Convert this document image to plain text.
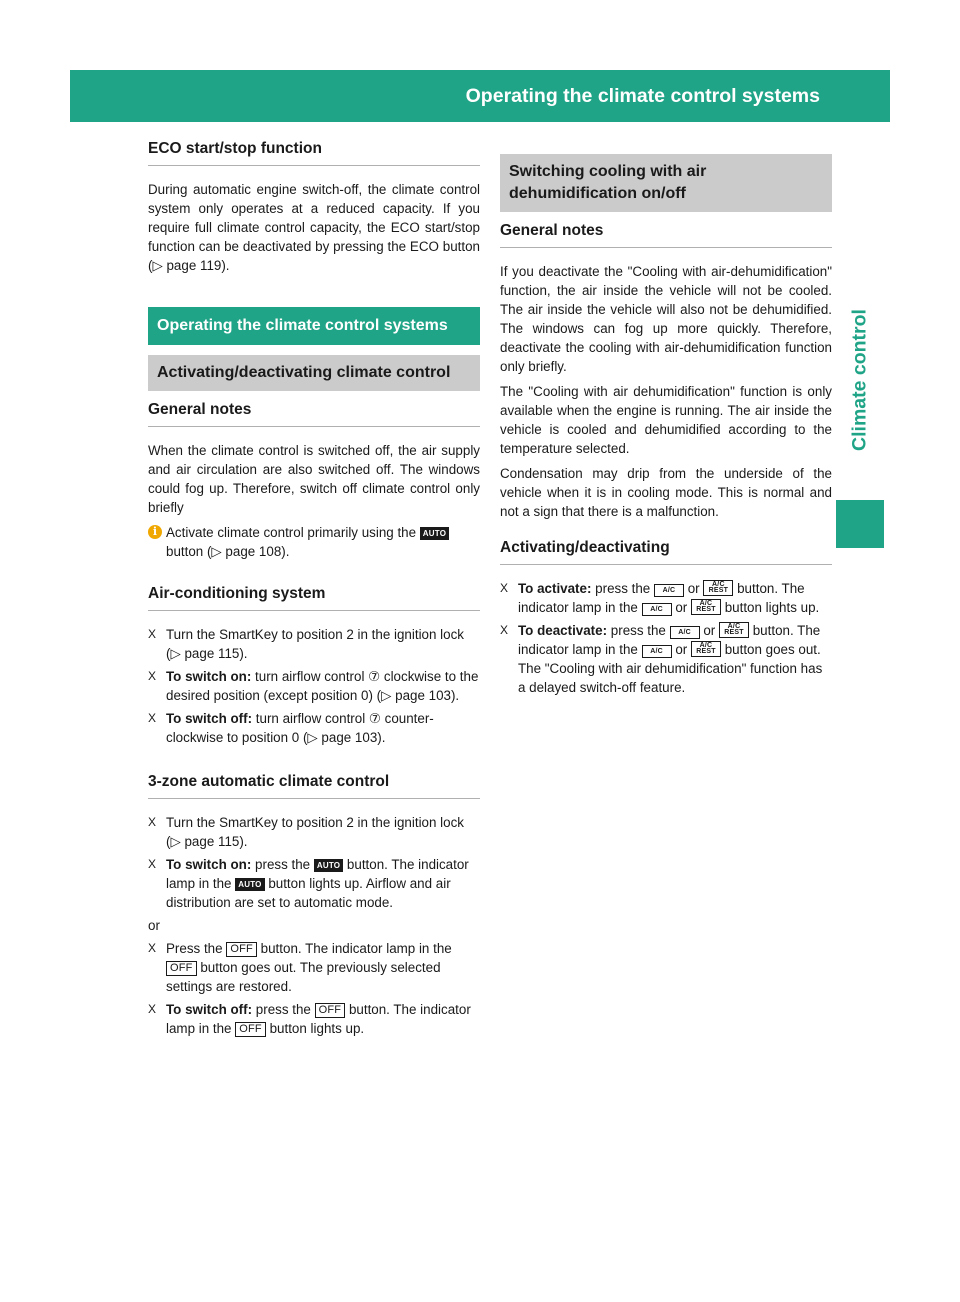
Operating the climate control systems	107
Climate control
ECO start/stop function

During automatic engine switch-off, the climate control system only operates at a reduced capacity. If you require full climate control capacity, the ECO start/stop function can be deactivated by pressing the ECO button (▷ page 119).

Operating the climate control systems
Activating/deactivating climate control
General notes

When the climate control is switched off, the air supply and air circulation are also switched off. The windows could fog up. Therefore, switch off climate control only briefly

i Activate climate control primarily using the AUTO button (▷ page 108).
Air-conditioning system
X Turn the SmartKey to position 2 in the ignition lock (▷ page 115).
X To switch on: turn airflow control ⑦ clockwise to the desired position (except position 0) (▷ page 103).
X To switch off: turn airflow control ⑦ counter-clockwise to position 0 (▷ page 103).
3-zone automatic climate control
X Turn the SmartKey to position 2 in the ignition lock (▷ page 115).
X To switch on: press the AUTO button. The indicator lamp in the AUTO button lights up. Airflow and air distribution are set to automatic mode.
or
X Press the OFF button. The indicator lamp in the OFF button goes out. The previously selected settings are restored.
X To switch off: press the OFF button. The indicator lamp in the OFF button lights up.
Switching cooling with air dehumidification on/off
General notes

If you deactivate the "Cooling with air-dehumidification" function, the air inside the vehicle will not be cooled. The air inside the vehicle will also not be dehumidified. The windows can fog up more quickly. Therefore, deactivate the cooling with air-dehumidification function only briefly.

The "Cooling with air dehumidification" function is only available when the engine is running. The air inside the vehicle is cooled and dehumidified according to the temperature selected.

Condensation may drip from the underside of the vehicle when it is in cooling mode. This is normal and not a sign that there is a malfunction.

Activating/deactivating
X To activate: press the A/C or	A/C
REST button. The indicator lamp in the A/C or	A/C
REST button lights up.
X To deactivate: press the A/C or	A/C
REST button. The indicator lamp in the A/C or	A/C
REST button goes out. The "Cooling with air dehumidification" function has a delayed switch-off feature.
